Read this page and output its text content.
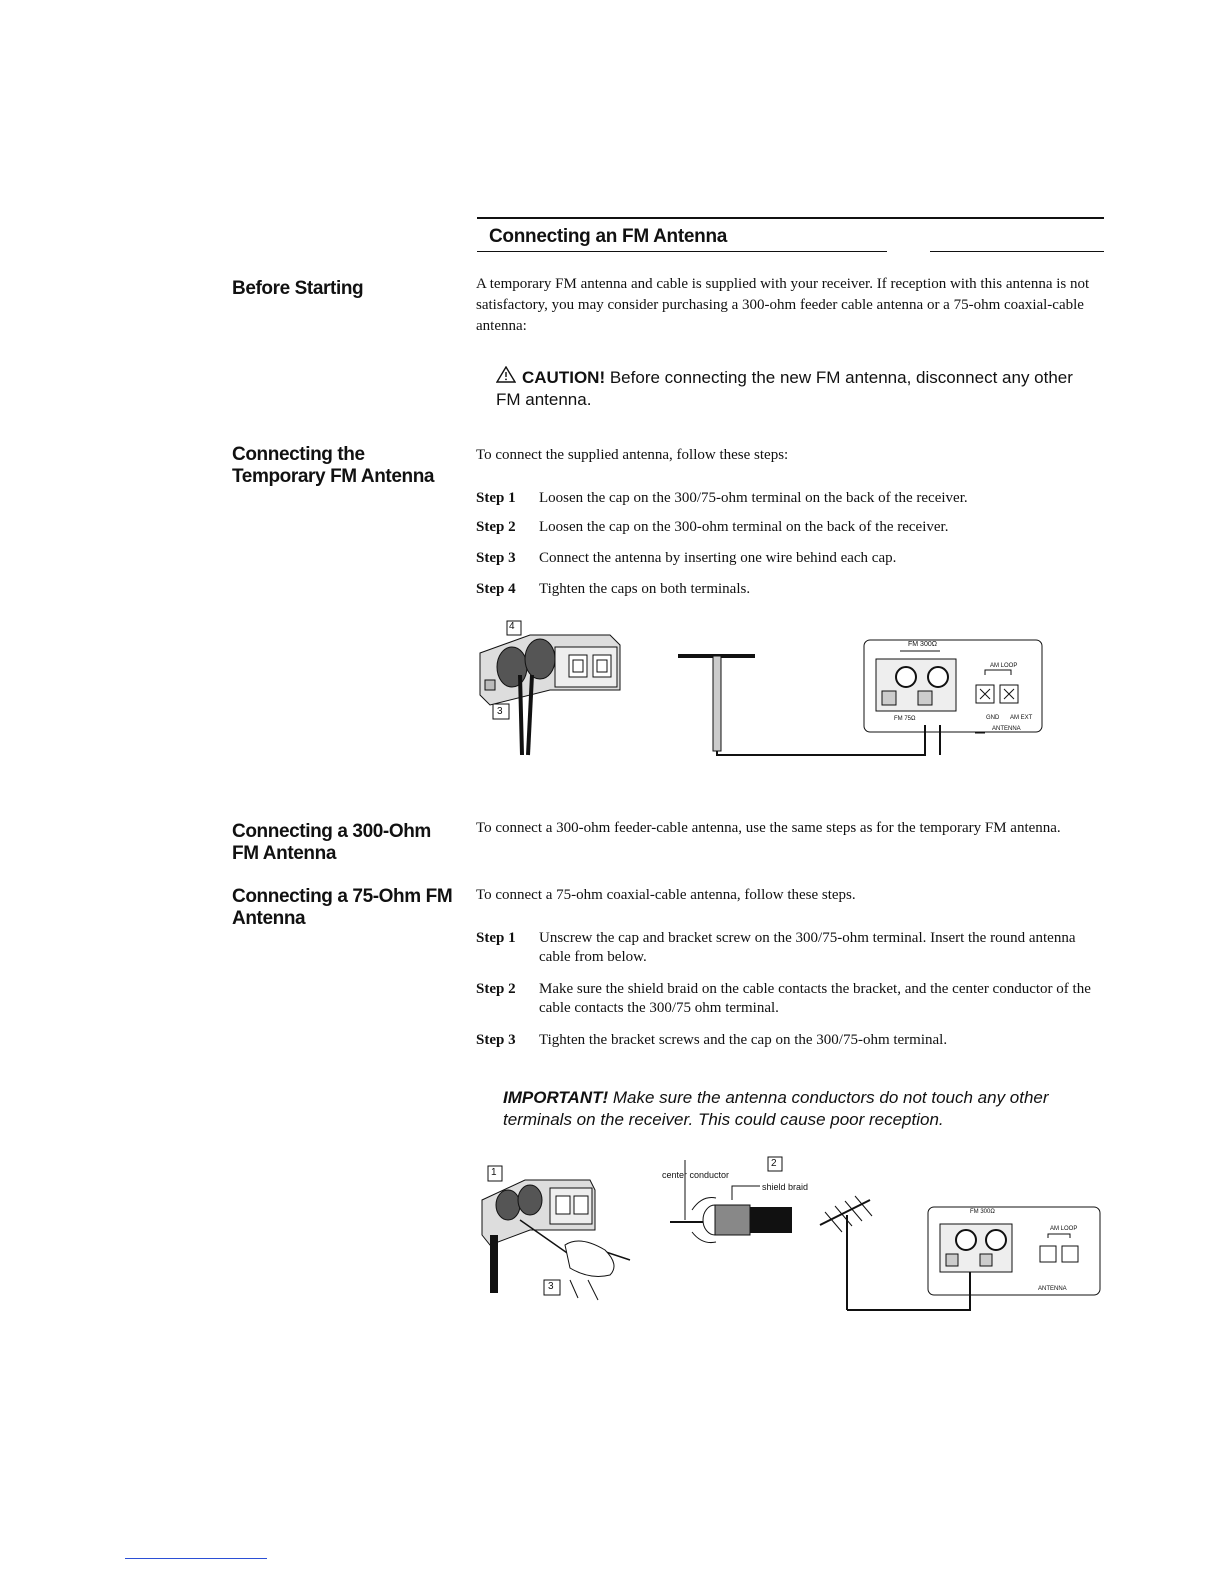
Connecting an FM Antenna
Before Starting
Connecting the Temporary FM Antenna
Connecting a 300-Ohm FM Antenna
Connecting a 75-Ohm FM Antenna
A temporary FM antenna and cable is supplied with your receiver. If reception with this antenna is not satisfactory, you may consider purchasing a 300-ohm feeder cable antenna or a 75-ohm coaxial-cable antenna:
CAUTION! Before connecting the new FM antenna, disconnect any other FM antenna.
To connect the supplied antenna, follow these steps:
Step 1	Loosen the cap on the 300/75-ohm terminal on the back of the receiver.
Step 2	Loosen the cap on the 300-ohm terminal on the back of the receiver.
Step 3	Connect the antenna by inserting one wire behind each cap.
Step 4	Tighten the caps on both terminals.
4
3
FM 300Ω
AM LOOP
FM 75Ω	GND AM EXT
ANTENNA
To connect a 300-ohm feeder-cable antenna, use the same steps as for the temporary FM antenna.
To connect a 75-ohm coaxial-cable antenna, follow these steps.
Step 1	Unscrew the cap and bracket screw on the 300/75-ohm terminal. Insert the round antenna cable from below.
Step 2	Make sure the shield braid on the cable contacts the bracket, and the center conductor of the cable contacts the 300/75 ohm terminal.
Step 3	Tighten the bracket screws and the cap on the 300/75-ohm terminal.
IMPORTANT! Make sure the antenna conductors do not touch any other terminals on the receiver. This could cause poor reception.
1
2
3
center conductor
shield braid
FM 300Ω
AM LOOP
ANTENNA
